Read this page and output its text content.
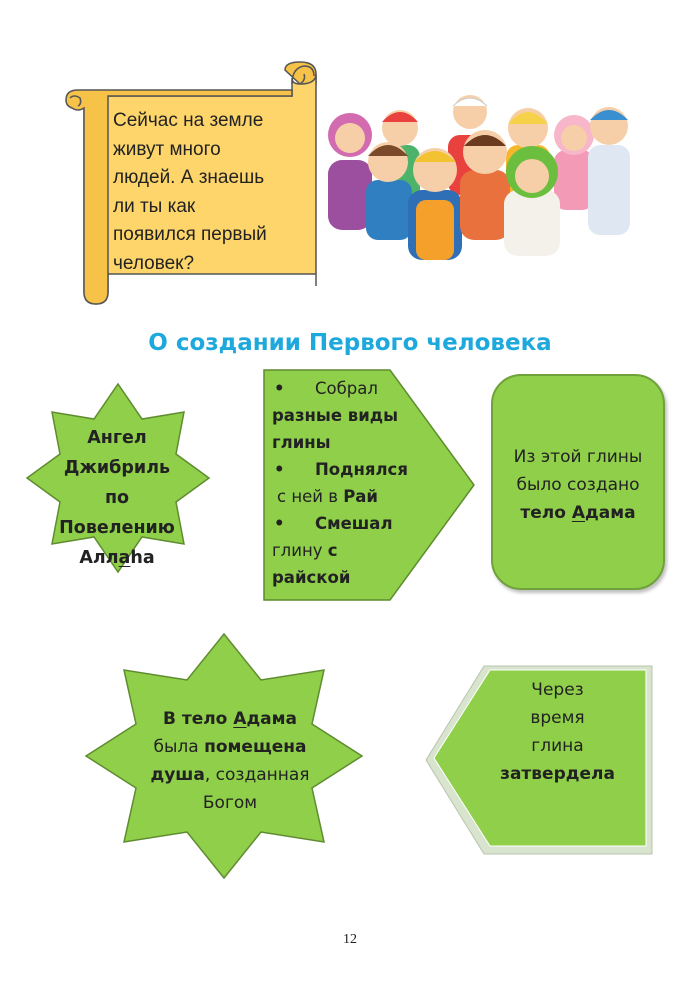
Сейчас на земле
живут много
людей. А знаешь
ли ты как
появился первый
человек?
О создании Первого человека
Ангел
Джибриль
по
Повелению
Аллаһа
• Собрал
разные виды
глины
• Поднялся
с ней в Рай
• Смешал
глину с
райской
Из этой глины
было создано
тело Адама
В тело Адама
была помещена
душа, созданная
Богом
Через
время
глина
затвердела
12
